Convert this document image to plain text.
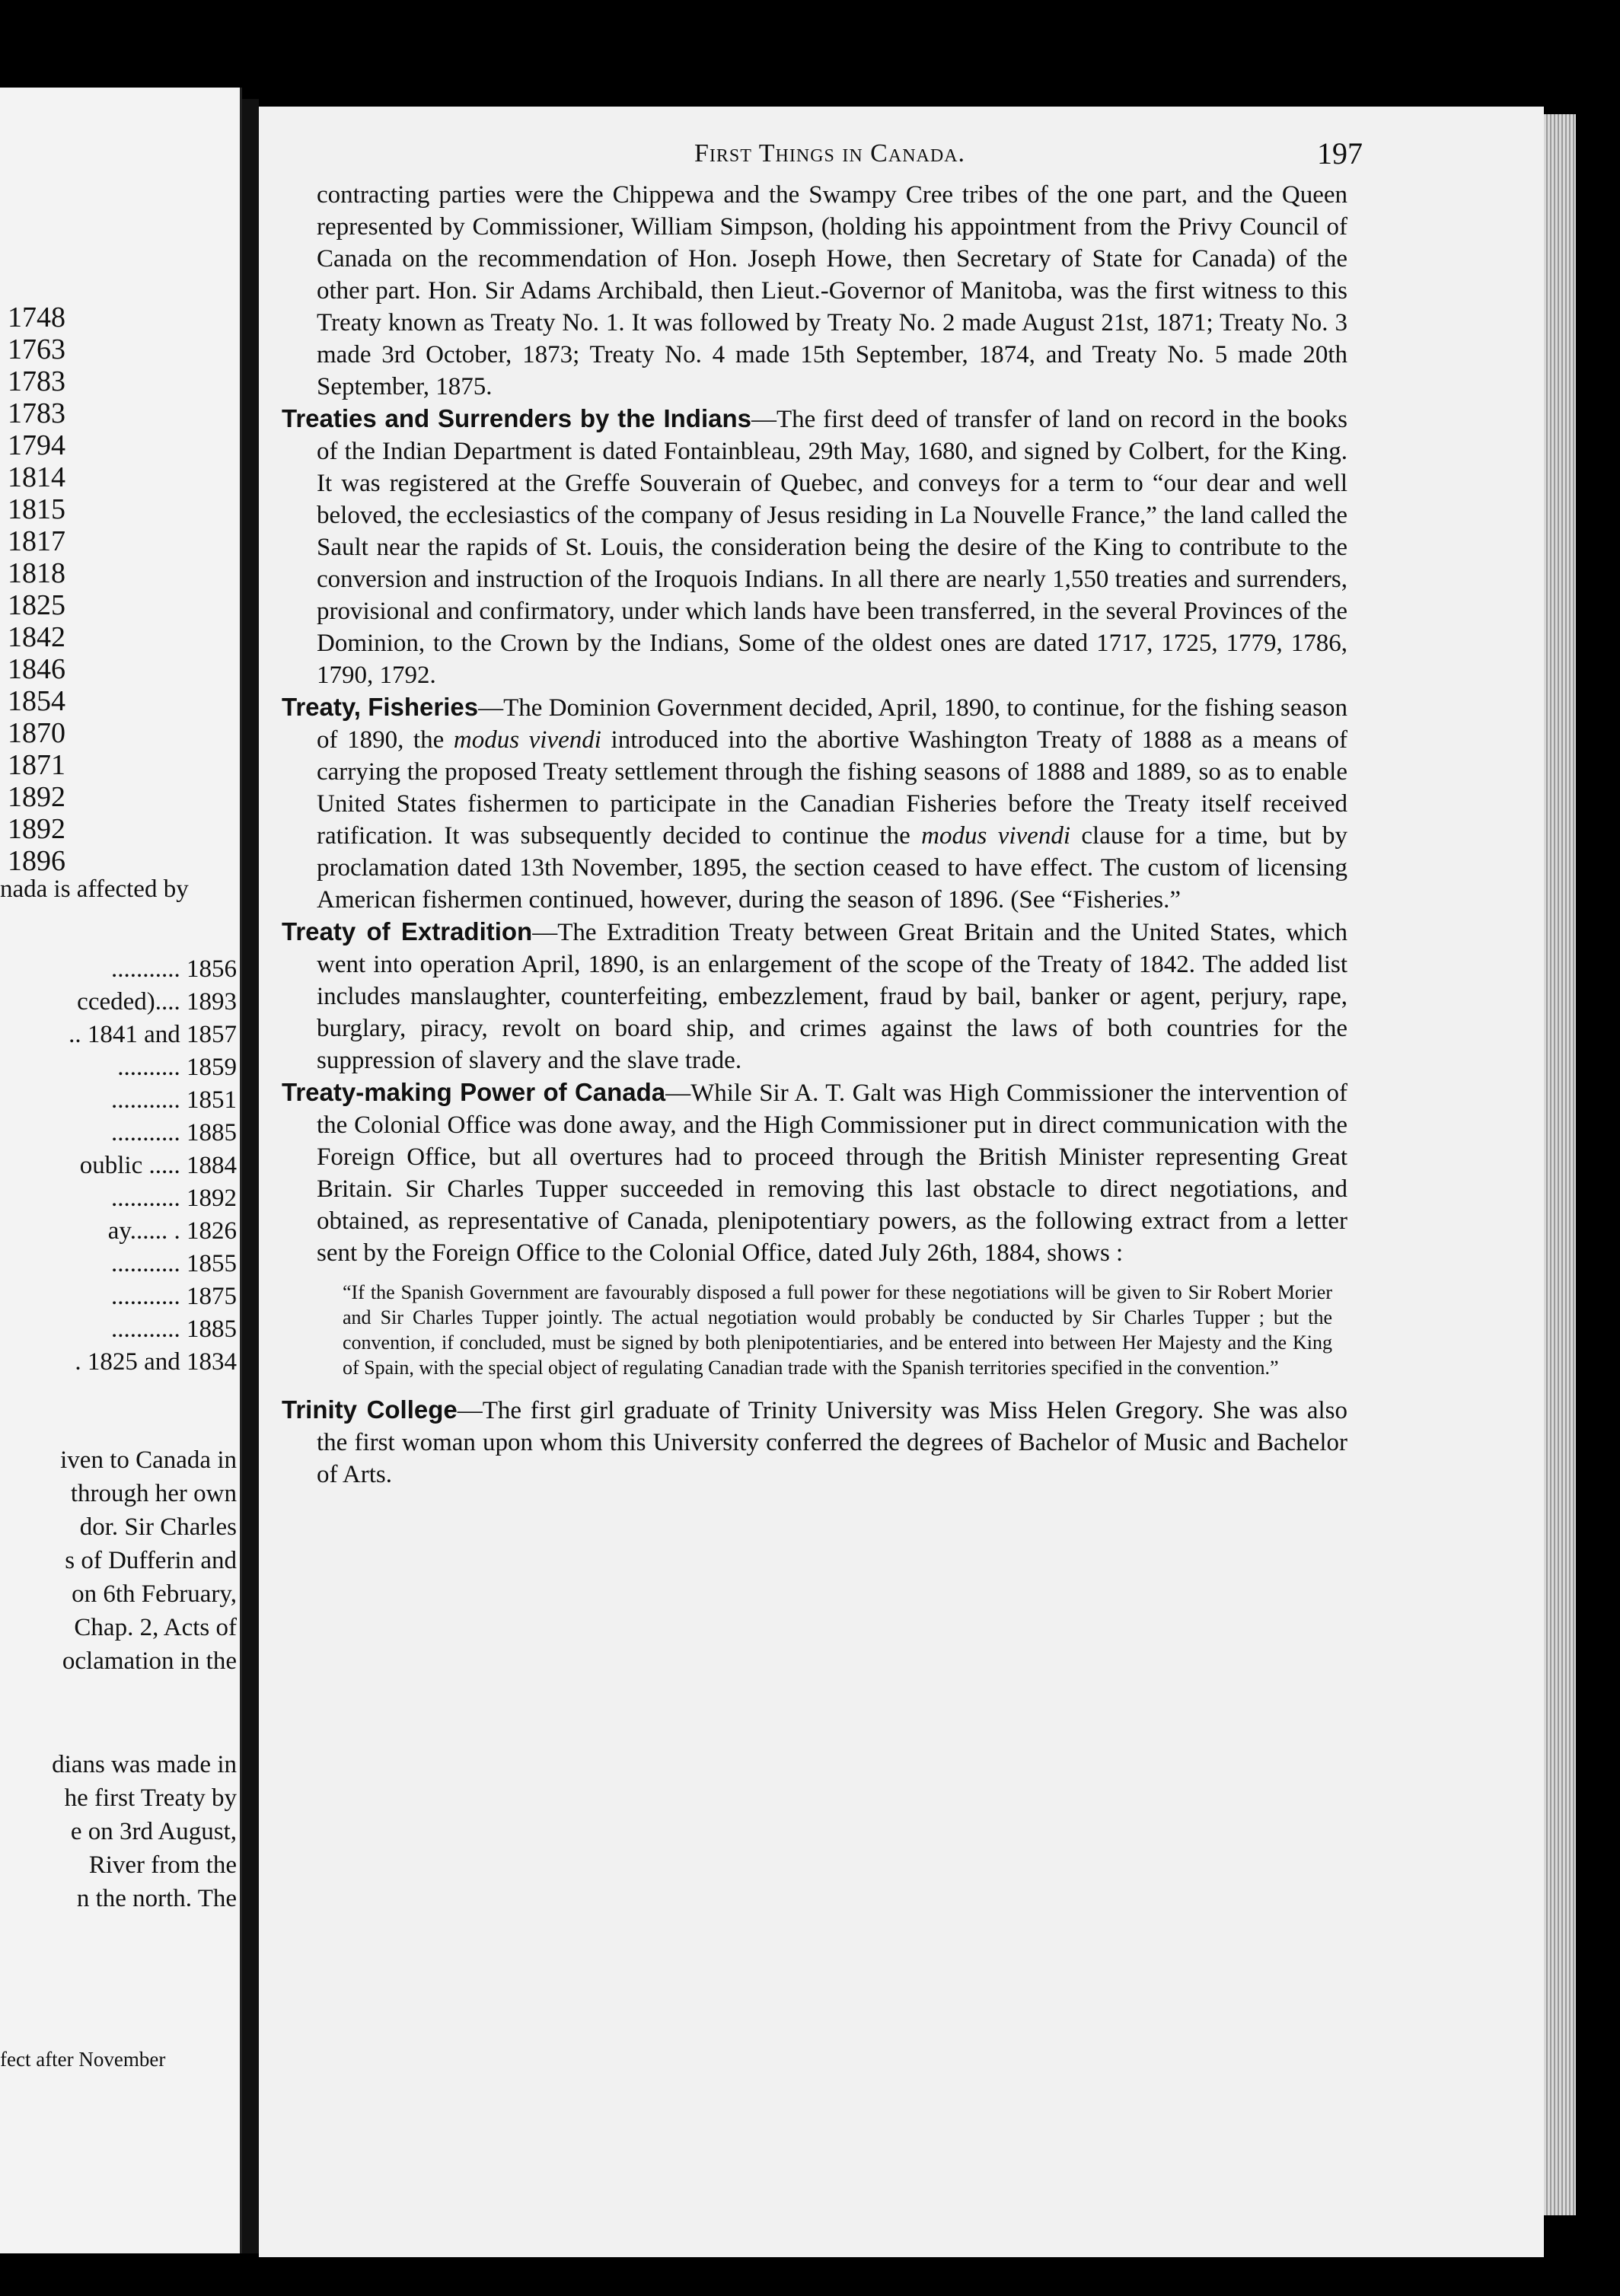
1748
1763
1783
1783
1794
1814
1815
1817
1818
1825
1842
1846
1854
1870
1871
1892
1892
1896
nada is affected by
........... 1856
cceded).... 1893
.. 1841 and 1857
.......... 1859
........... 1851
........... 1885
oublic ..... 1884
........... 1892
ay...... . 1826
........... 1855
........... 1875
........... 1885
. 1825 and 1834
iven to Canada in
through her own
dor. Sir Charles
s of Dufferin and
on 6th February,
Chap. 2, Acts of
oclamation in the
dians was made in
he first Treaty by
e on 3rd August,
River from the
n the north. The
fect after November
First Things in Canada.	197

contracting parties were the Chippewa and the Swampy Cree tribes of the one part, and the Queen represented by Commissioner, William Simpson, (holding his appointment from the Privy Council of Canada on the recommendation of Hon. Joseph Howe, then Secretary of State for Canada) of the other part. Hon. Sir Adams Archibald, then Lieut.-Governor of Manitoba, was the first witness to this Treaty known as Treaty No. 1. It was followed by Treaty No. 2 made August 21st, 1871; Treaty No. 3 made 3rd October, 1873; Treaty No. 4 made 15th September, 1874, and Treaty No. 5 made 20th September, 1875.

Treaties and Surrenders by the Indians—The first deed of transfer of land on record in the books of the Indian Department is dated Fontainbleau, 29th May, 1680, and signed by Colbert, for the King. It was registered at the Greffe Souverain of Quebec, and conveys for a term to “our dear and well beloved, the ecclesiastics of the company of Jesus residing in La Nouvelle France,” the land called the Sault near the rapids of St. Louis, the consideration being the desire of the King to contribute to the conversion and instruction of the Iroquois Indians. In all there are nearly 1,550 treaties and surrenders, provisional and confirmatory, under which lands have been transferred, in the several Provinces of the Dominion, to the Crown by the Indians, Some of the oldest ones are dated 1717, 1725, 1779, 1786, 1790, 1792.

Treaty, Fisheries—The Dominion Government decided, April, 1890, to continue, for the fishing season of 1890, the modus vivendi introduced into the abortive Washington Treaty of 1888 as a means of carrying the proposed Treaty settlement through the fishing seasons of 1888 and 1889, so as to enable United States fishermen to participate in the Canadian Fisheries before the Treaty itself received ratification. It was subsequently decided to continue the modus vivendi clause for a time, but by proclamation dated 13th November, 1895, the section ceased to have effect. The custom of licensing American fishermen continued, however, during the season of 1896. (See “Fisheries.”

Treaty of Extradition—The Extradition Treaty between Great Britain and the United States, which went into operation April, 1890, is an enlargement of the scope of the Treaty of 1842. The added list includes manslaughter, counterfeiting, embezzlement, fraud by bail, banker or agent, perjury, rape, burglary, piracy, revolt on board ship, and crimes against the laws of both countries for the suppression of slavery and the slave trade.

Treaty-making Power of Canada—While Sir A. T. Galt was High Commissioner the intervention of the Colonial Office was done away, and the High Commissioner put in direct communication with the Foreign Office, but all overtures had to proceed through the British Minister representing Great Britain. Sir Charles Tupper succeeded in removing this last obstacle to direct negotiations, and obtained, as representative of Canada, plenipotentiary powers, as the following extract from a letter sent by the Foreign Office to the Colonial Office, dated July 26th, 1884, shows :

“If the Spanish Government are favourably disposed a full power for these negotiations will be given to Sir Robert Morier and Sir Charles Tupper jointly. The actual negotiation would probably be conducted by Sir Charles Tupper ; but the convention, if concluded, must be signed by both plenipotentiaries, and be entered into between Her Majesty and the King of Spain, with the special object of regulating Canadian trade with the Spanish territories specified in the convention.”

Trinity College—The first girl graduate of Trinity University was Miss Helen Gregory. She was also the first woman upon whom this University conferred the degrees of Bachelor of Music and Bachelor of Arts.
